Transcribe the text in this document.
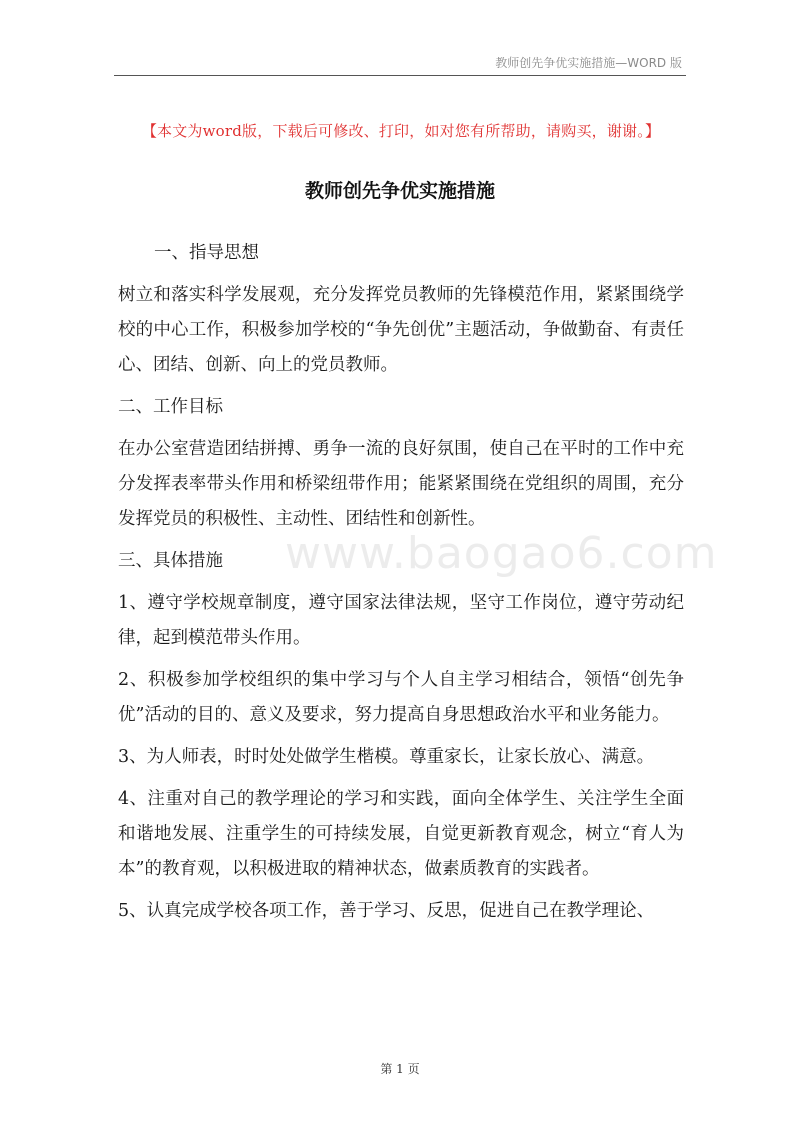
教师创先争优实施措施—WORD 版
【本文为word版，下载后可修改、打印，如对您有所帮助，请购买，谢谢。】
教师创先争优实施措施
www.baogao6.com

一、指导思想

树立和落实科学发展观，充分发挥党员教师的先锋模范作用，紧紧围绕学校的中心工作，积极参加学校的“争先创优”主题活动，争做勤奋、有责任心、团结、创新、向上的党员教师。

二、工作目标

在办公室营造团结拼搏、勇争一流的良好氛围，使自己在平时的工作中充分发挥表率带头作用和桥梁纽带作用；能紧紧围绕在党组织的周围，充分发挥党员的积极性、主动性、团结性和创新性。

三、具体措施

1、遵守学校规章制度，遵守国家法律法规，坚守工作岗位，遵守劳动纪律，起到模范带头作用。

2、积极参加学校组织的集中学习与个人自主学习相结合，领悟“创先争优”活动的目的、意义及要求，努力提高自身思想政治水平和业务能力。

3、为人师表，时时处处做学生楷模。尊重家长，让家长放心、满意。

4、注重对自己的教学理论的学习和实践，面向全体学生、关注学生全面和谐地发展、注重学生的可持续发展，自觉更新教育观念，树立“育人为本”的教育观，以积极进取的精神状态，做素质教育的实践者。

5、认真完成学校各项工作，善于学习、反思，促进自己在教学理论、

第 1 页
